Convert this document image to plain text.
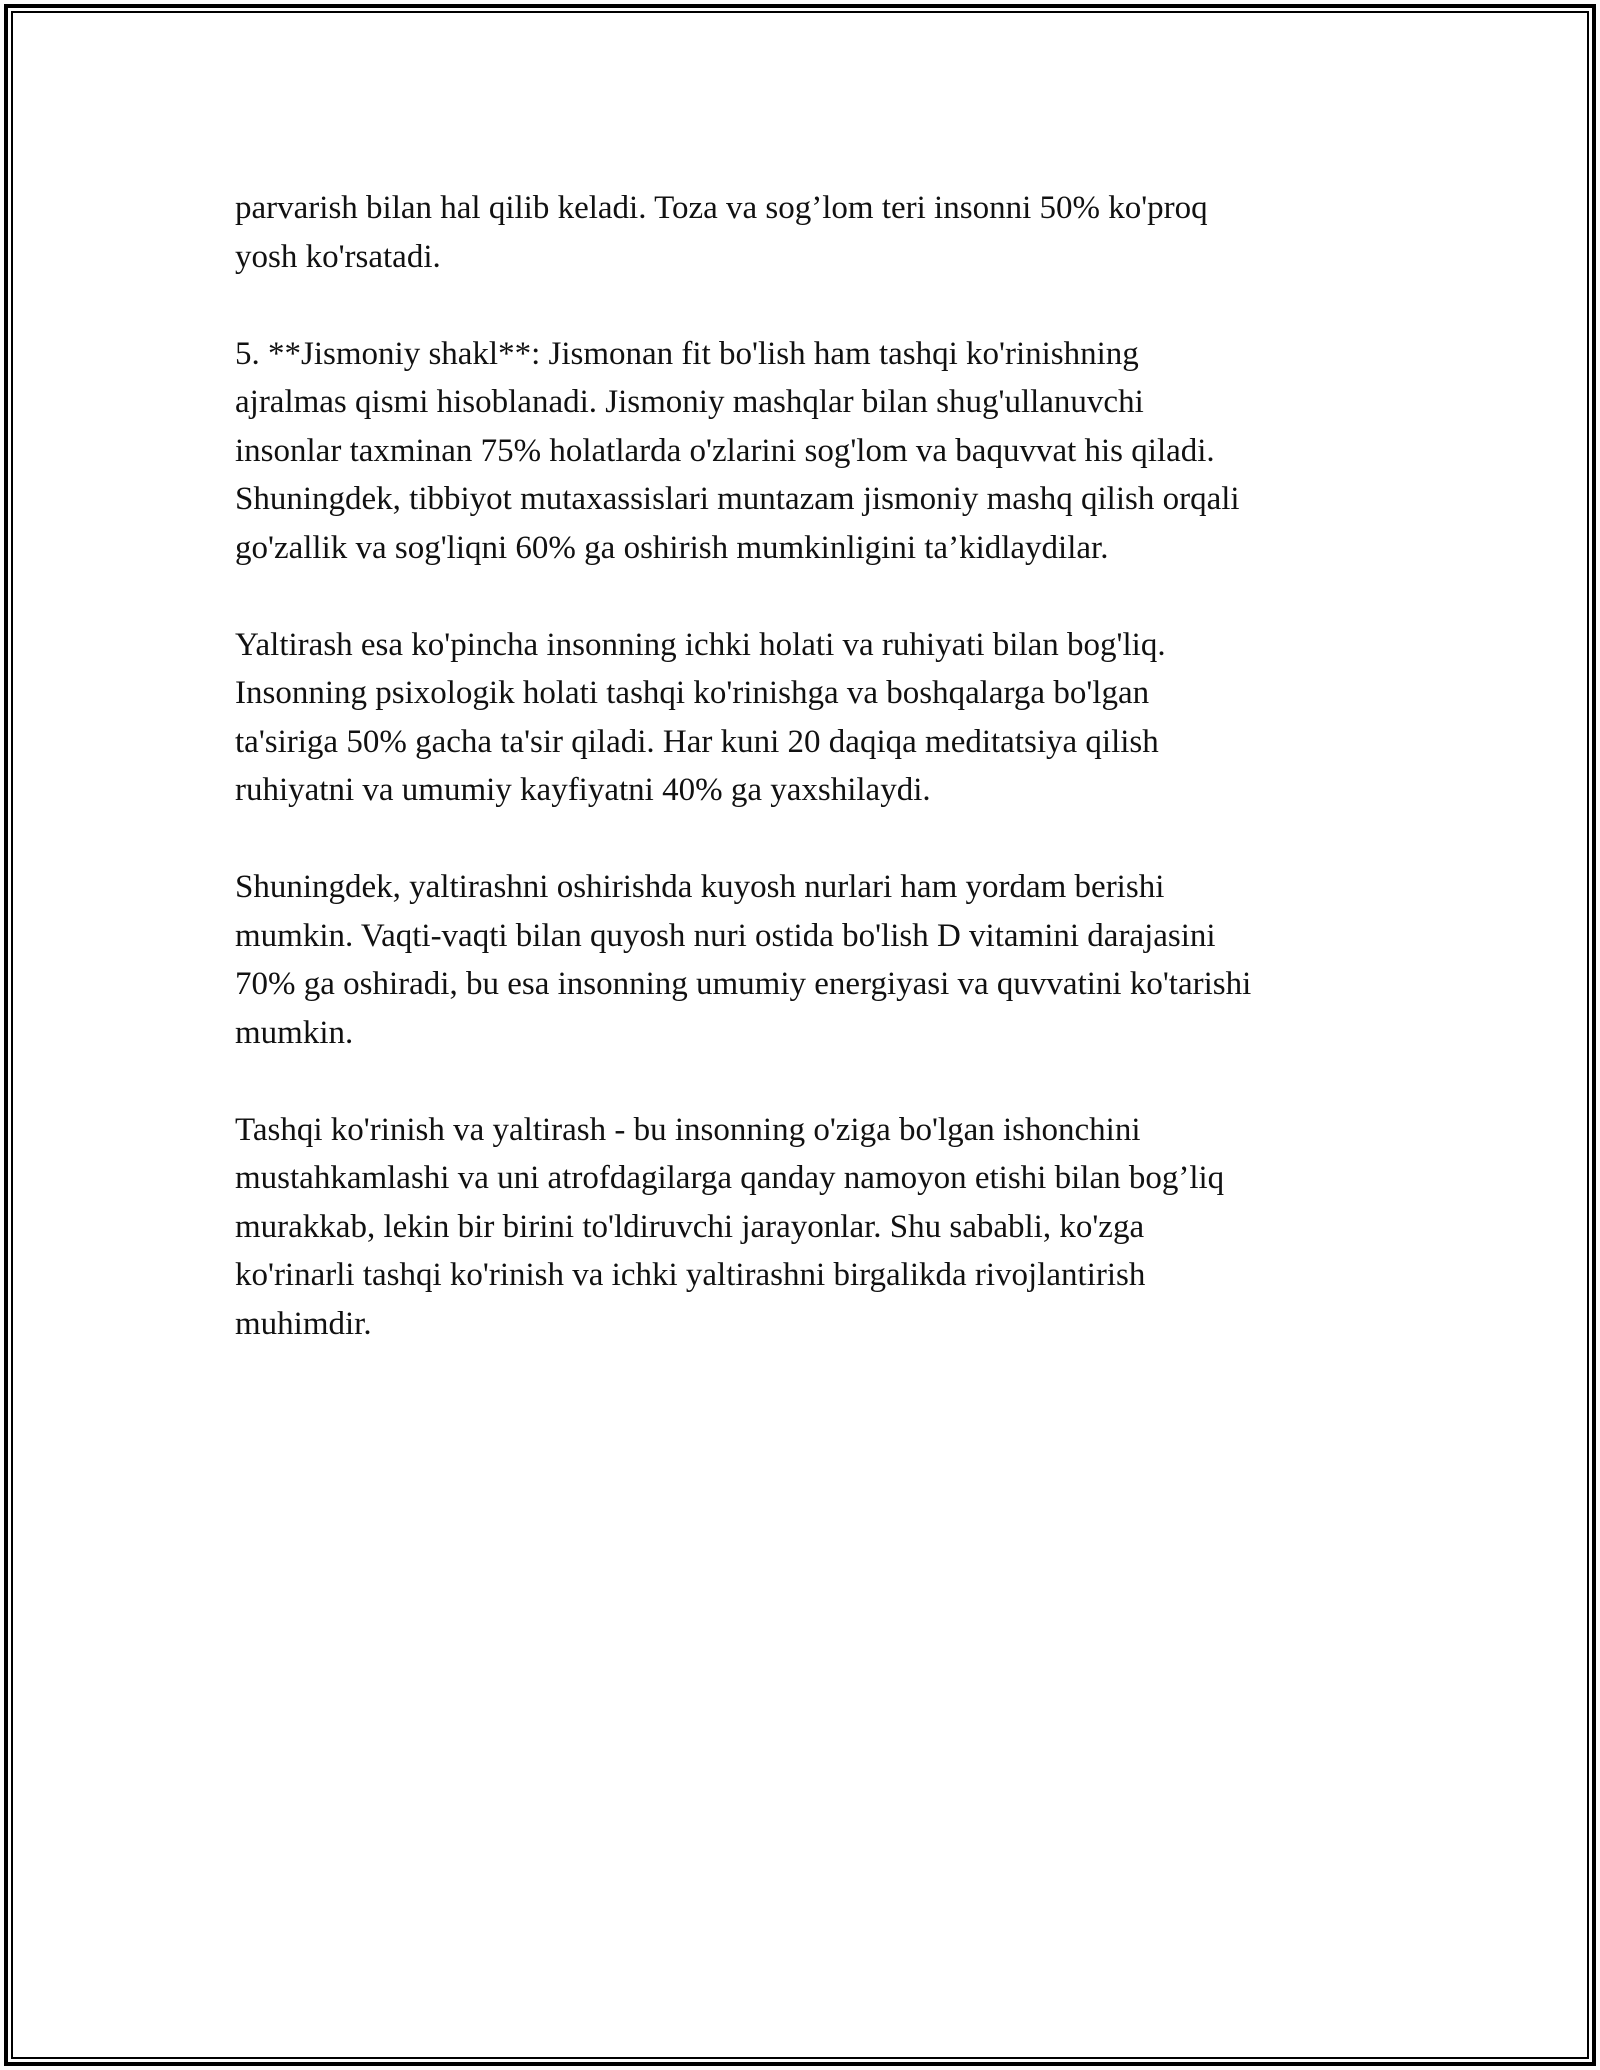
parvarish bilan hal qilib keladi. Toza va sog’lom teri insonni 50% ko'proq
yosh ko'rsatadi.

5. **Jismoniy shakl**: Jismonan fit bo'lish ham tashqi ko'rinishning
ajralmas qismi hisoblanadi. Jismoniy mashqlar bilan shug'ullanuvchi
insonlar taxminan 75% holatlarda o'zlarini sog'lom va baquvvat his qiladi.
Shuningdek, tibbiyot mutaxassislari muntazam jismoniy mashq qilish orqali
go'zallik va sog'liqni 60% ga oshirish mumkinligini ta’kidlaydilar.

Yaltirash esa ko'pincha insonning ichki holati va ruhiyati bilan bog'liq.
Insonning psixologik holati tashqi ko'rinishga va boshqalarga bo'lgan
ta'siriga 50% gacha ta'sir qiladi. Har kuni 20 daqiqa meditatsiya qilish
ruhiyatni va umumiy kayfiyatni 40% ga yaxshilaydi.

Shuningdek, yaltirashni oshirishda kuyosh nurlari ham yordam berishi
mumkin. Vaqti-vaqti bilan quyosh nuri ostida bo'lish D vitamini darajasini
70% ga oshiradi, bu esa insonning umumiy energiyasi va quvvatini ko'tarishi
mumkin.

Tashqi ko'rinish va yaltirash - bu insonning o'ziga bo'lgan ishonchini
mustahkamlashi va uni atrofdagilarga qanday namoyon etishi bilan bog’liq
murakkab, lekin bir birini to'ldiruvchi jarayonlar. Shu sababli, ko'zga
ko'rinarli tashqi ko'rinish va ichki yaltirashni birgalikda rivojlantirish
muhimdir.
